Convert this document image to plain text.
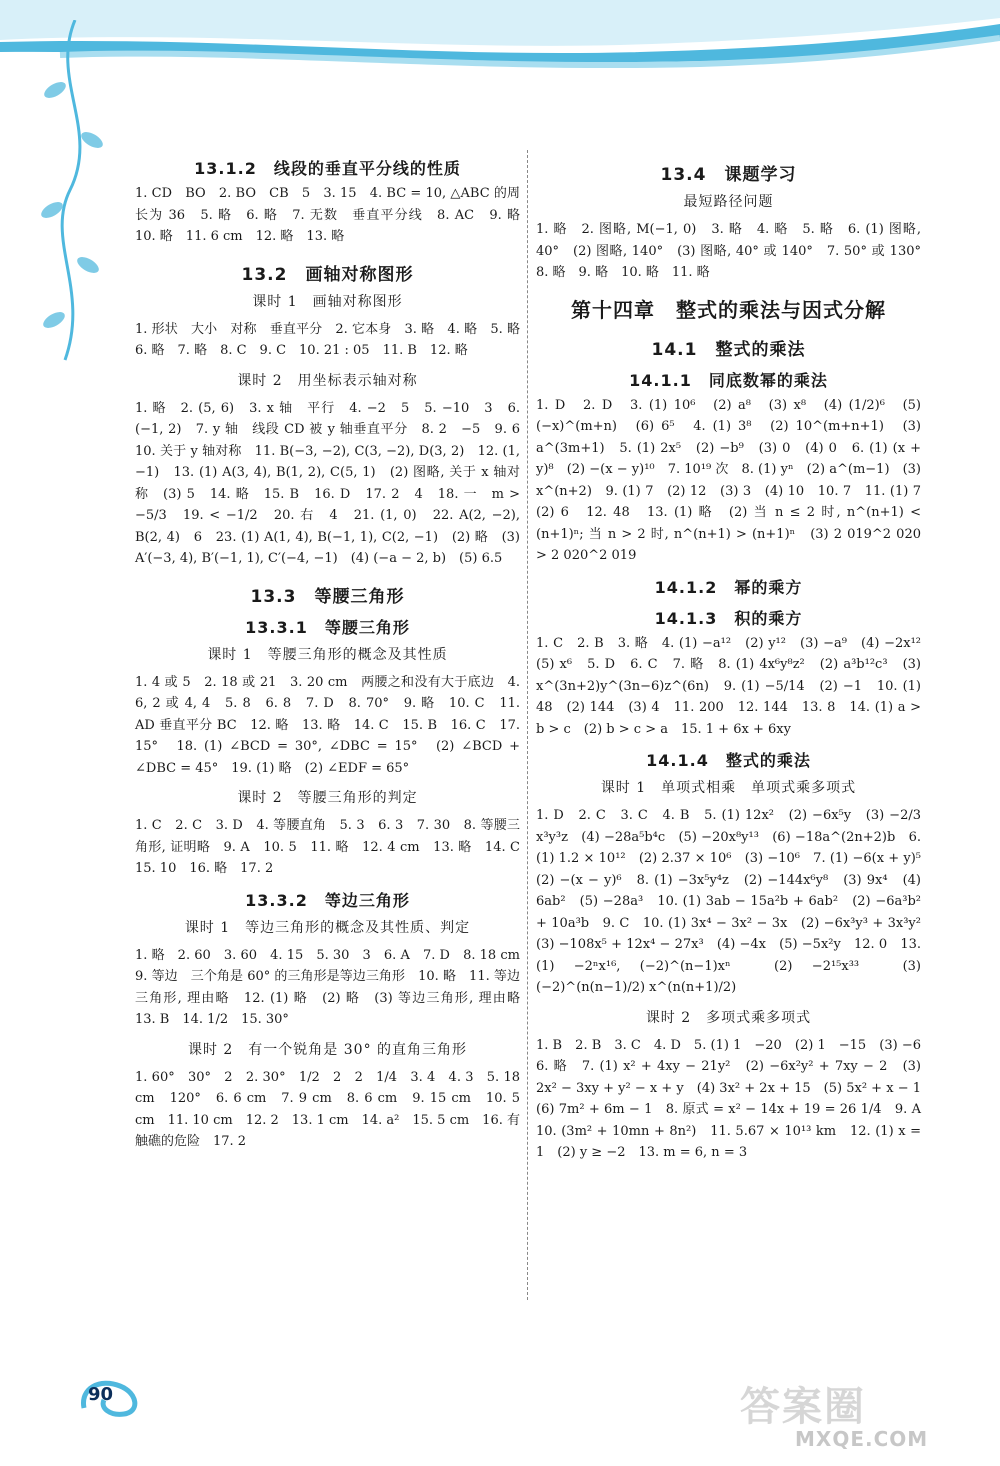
13.1.2　线段的垂直平分线的性质
1. CD　BO　2. BO　CB　5　3. 15　4. BC = 10, △ABC 的周长为 36　5. 略　6. 略　7. 无数　垂直平分线　8. AC　9. 略　10. 略　11. 6 cm　12. 略　13. 略
13.2　画轴对称图形
课时 1　画轴对称图形
1. 形状　大小　对称　垂直平分　2. 它本身　3. 略　4. 略　5. 略　6. 略　7. 略　8. C　9. C　10. 21 : 05　11. B　12. 略
课时 2　用坐标表示轴对称
1. 略　2. (5, 6)　3. x 轴　平行　4. −2　5　5. −10　3　6. (−1, 2)　7. y 轴　线段 CD 被 y 轴垂直平分　8. 2　−5　9. 6　10. 关于 y 轴对称　11. B(−3, −2), C(3, −2), D(3, 2)　12. (1, −1)　13. (1) A(3, 4), B(1, 2), C(5, 1)　(2) 图略, 关于 x 轴对称　(3) 5　14. 略　15. B　16. D　17. 2　4　18. 一　m > −5/3　19. < −1/2　20. 右　4　21. (1, 0)　22. A(2, −2), B(2, 4)　6　23. (1) A(1, 4), B(−1, 1), C(2, −1)　(2) 略　(3) A′(−3, 4), B′(−1, 1), C′(−4, −1)　(4) (−a − 2, b)　(5) 6.5
13.3　等腰三角形
13.3.1　等腰三角形
课时 1　等腰三角形的概念及其性质
1. 4 或 5　2. 18 或 21　3. 20 cm　两腰之和没有大于底边　4. 6, 2 或 4, 4　5. 8　6. 8　7. D　8. 70°　9. 略　10. C　11. AD 垂直平分 BC　12. 略　13. 略　14. C　15. B　16. C　17. 15°　18. (1) ∠BCD = 30°, ∠DBC = 15°　(2) ∠BCD + ∠DBC = 45°　19. (1) 略　(2) ∠EDF = 65°
课时 2　等腰三角形的判定
1. C　2. C　3. D　4. 等腰直角　5. 3　6. 3　7. 30　8. 等腰三角形, 证明略　9. A　10. 5　11. 略　12. 4 cm　13. 略　14. C　15. 10　16. 略　17. 2
13.3.2　等边三角形
课时 1　等边三角形的概念及其性质、判定
1. 略　2. 60　3. 60　4. 15　5. 30　3　6. A　7. D　8. 18 cm　9. 等边　三个角是 60° 的三角形是等边三角形　10. 略　11. 等边三角形, 理由略　12. (1) 略　(2) 略　(3) 等边三角形, 理由略　13. B　14. 1/2　15. 30°
课时 2　有一个锐角是 30° 的直角三角形
1. 60°　30°　2　2. 30°　1/2　2　2　1/4　3. 4　4. 3　5. 18 cm　120°　6. 6 cm　7. 9 cm　8. 6 cm　9. 15 cm　10. 5 cm　11. 10 cm　12. 2　13. 1 cm　14. a²　15. 5 cm　16. 有触礁的危险　17. 2
13.4　课题学习
最短路径问题
1. 略　2. 图略, M(−1, 0)　3. 略　4. 略　5. 略　6. (1) 图略, 40°　(2) 图略, 140°　(3) 图略, 40° 或 140°　7. 50° 或 130°　8. 略　9. 略　10. 略　11. 略
第十四章　整式的乘法与因式分解
14.1　整式的乘法
14.1.1　同底数幂的乘法
1. D　2. D　3. (1) 10⁶　(2) a⁸　(3) x⁸　(4) (1/2)⁶　(5) (−x)^(m+n)　(6) 6⁵　4. (1) 3⁸　(2) 10^(m+n+1)　(3) a^(3m+1)　5. (1) 2x⁵　(2) −b⁹　(3) 0　(4) 0　6. (1) (x + y)⁸　(2) −(x − y)¹⁰　7. 10¹⁹ 次　8. (1) yⁿ　(2) a^(m−1)　(3) x^(n+2)　9. (1) 7　(2) 12　(3) 3　(4) 10　10. 7　11. (1) 7　(2) 6　12. 48　13. (1) 略　(2) 当 n ≤ 2 时, n^(n+1) < (n+1)ⁿ; 当 n > 2 时, n^(n+1) > (n+1)ⁿ　(3) 2 019^2 020 > 2 020^2 019
14.1.2　幂的乘方
14.1.3　积的乘方
1. C　2. B　3. 略　4. (1) −a¹²　(2) y¹²　(3) −a⁹　(4) −2x¹²　(5) x⁶　5. D　6. C　7. 略　8. (1) 4x⁶y⁸z²　(2) a³b¹²c³　(3) x^(3n+2)y^(3n−6)z^(6n)　9. (1) −5/14　(2) −1　10. (1) 48　(2) 144　(3) 4　11. 200　12. 144　13. 8　14. (1) a > b > c　(2) b > c > a　15. 1 + 6x + 6xy
14.1.4　整式的乘法
课时 1　单项式相乘　单项式乘多项式
1. D　2. C　3. C　4. B　5. (1) 12x²　(2) −6x⁵y　(3) −2/3 x³y³z　(4) −28a⁵b⁴c　(5) −20x⁸y¹³　(6) −18a^(2n+2)b　6. (1) 1.2 × 10¹²　(2) 2.37 × 10⁶　(3) −10⁶　7. (1) −6(x + y)⁵　(2) −(x − y)⁶　8. (1) −3x⁵y⁴z　(2) −144x⁶y⁸　(3) 9x⁴　(4) 6ab²　(5) −28a³　10. (1) 3ab − 15a²b + 6ab²　(2) −6a³b² + 10a³b　9. C　10. (1) 3x⁴ − 3x² − 3x　(2) −6x³y³ + 3x³y²　(3) −108x⁵ + 12x⁴ − 27x³　(4) −4x　(5) −5x²y　12. 0　13. (1) −2ⁿx¹⁶, (−2)^(n−1)xⁿ　(2) −2¹⁵x³³　(3) (−2)^(n(n−1)/2) x^(n(n+1)/2)
课时 2　多项式乘多项式
1. B　2. B　3. C　4. D　5. (1) 1　−20　(2) 1　−15　(3) −6　6. 略　7. (1) x² + 4xy − 21y²　(2) −6x²y² + 7xy − 2　(3) 2x² − 3xy + y² − x + y　(4) 3x² + 2x + 15　(5) 5x² + x − 1　(6) 7m² + 6m − 1　8. 原式 = x² − 14x + 19 = 26 1/4　9. A　10. (3m² + 10mn + 8n²)　11. 5.67 × 10¹³ km　12. (1) x = 1　(2) y ≥ −2　13. m = 6, n = 3
90	答案圈
MXQE.COM
